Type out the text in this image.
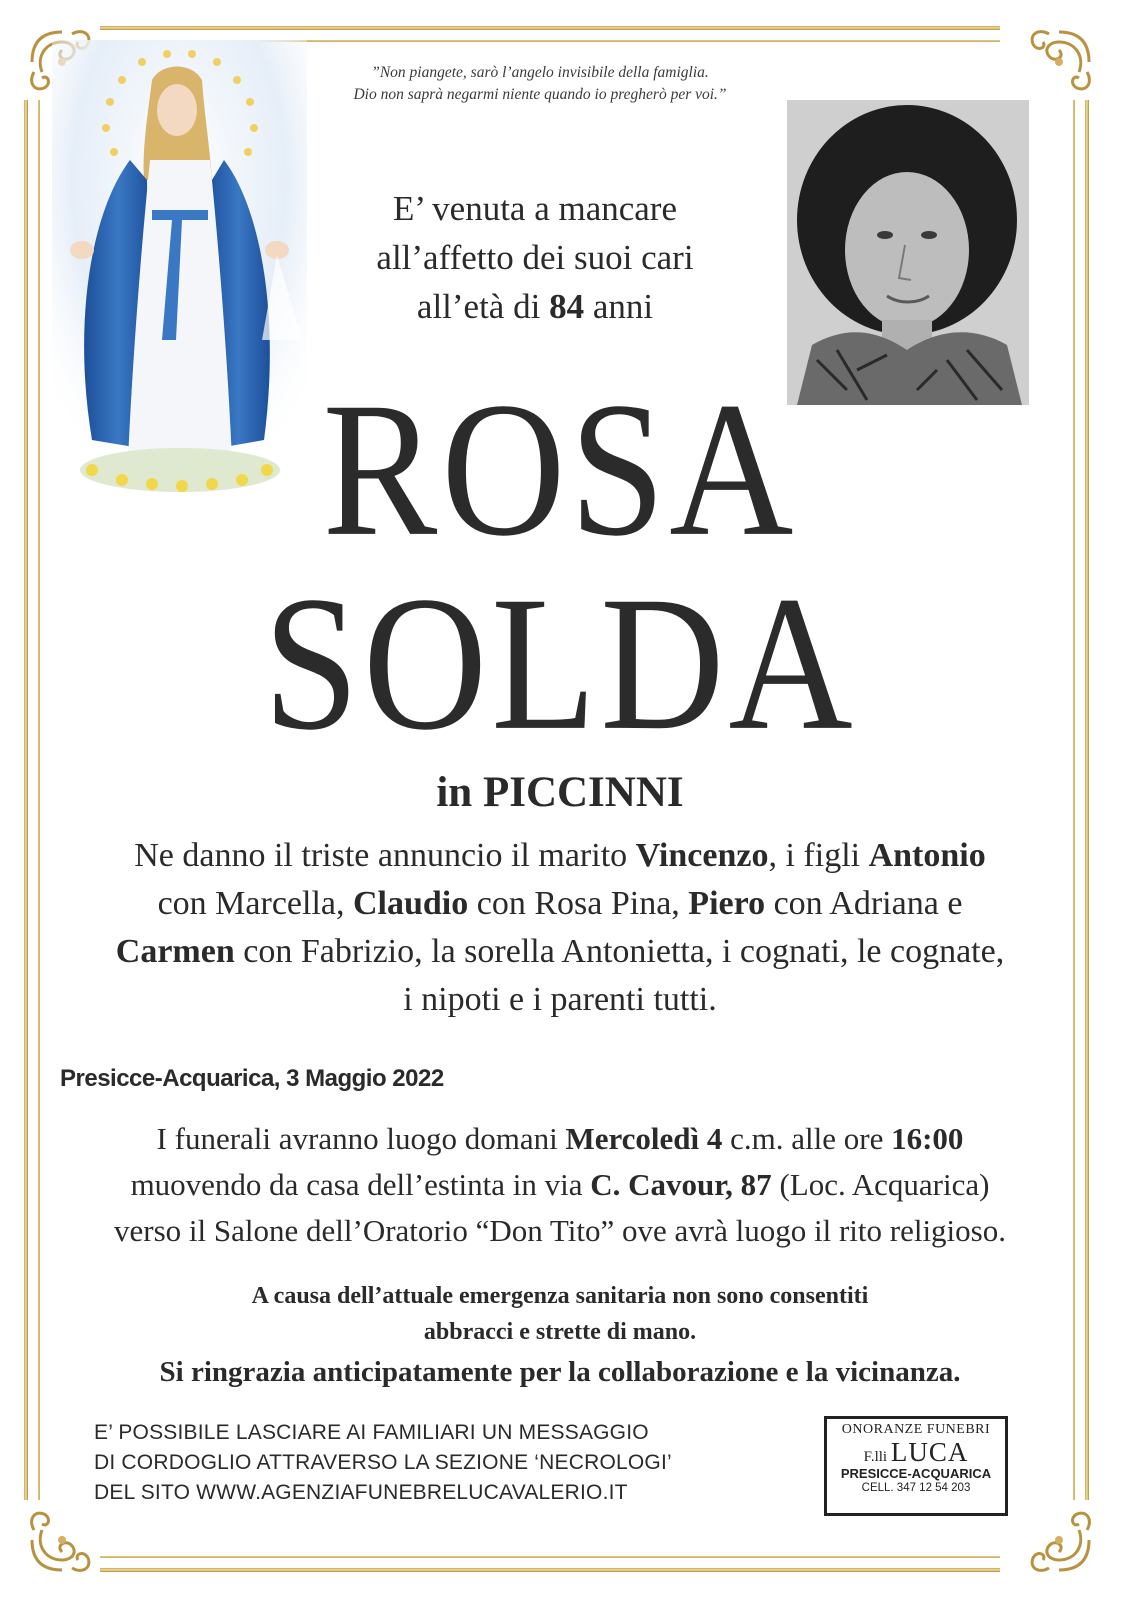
”Non piangete, sarò l’angelo invisibile della famiglia.
Dio non saprà negarmi niente quando io pregherò per voi.”
E’ venuta a mancare
all’affetto dei suoi cari
all’età di 84 anni
ROSA
SOLDA
in PICCINNI
Ne danno il triste annuncio il marito Vincenzo, i figli Antonio
con Marcella, Claudio con Rosa Pina, Piero con Adriana e
Carmen con Fabrizio, la sorella Antonietta, i cognati, le cognate,
i nipoti e i parenti tutti.
Presicce-Acquarica, 3 Maggio 2022
I funerali avranno luogo domani Mercoledì 4 c.m. alle ore 16:00
muovendo da casa dell’estinta in via C. Cavour, 87 (Loc. Acquarica)
verso il Salone dell’Oratorio “Don Tito” ove avrà luogo il rito religioso.
A causa dell’attuale emergenza sanitaria non sono consentiti
abbracci e strette di mano.
Si ringrazia anticipatamente per la collaborazione e la vicinanza.
E’ POSSIBILE LASCIARE AI FAMILIARI UN MESSAGGIO
DI CORDOGLIO ATTRAVERSO LA SEZIONE ‘NECROLOGI’
DEL SITO WWW.AGENZIAFUNEBRELUCAVALERIO.IT
ONORANZE FUNEBRI
F.lli LUCA
PRESICCE-ACQUARICA
CELL. 347 12 54 203
